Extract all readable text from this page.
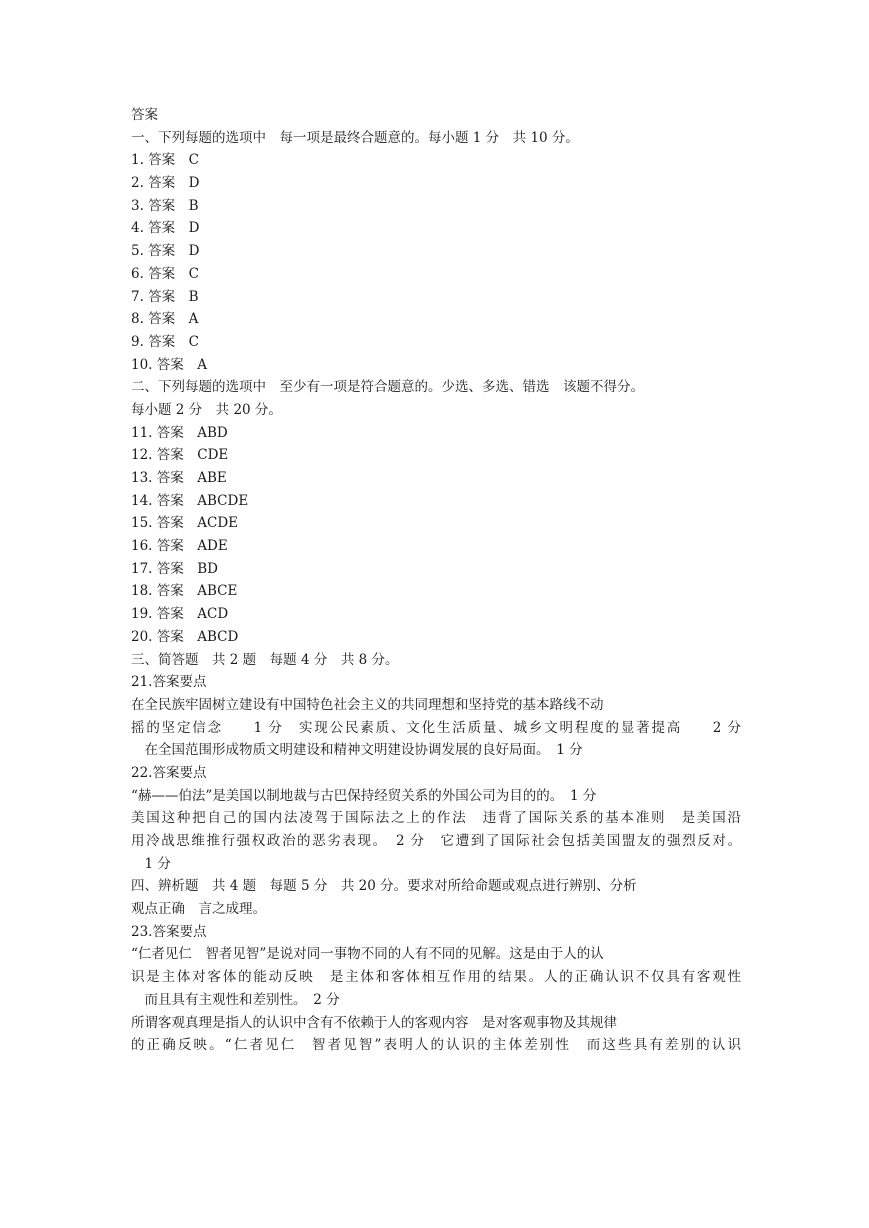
答案
一、下列每题的选项中　每一项是最终合题意的。每小题 1 分　共 10 分。
1. 答案　C
2. 答案　D
3. 答案　B
4. 答案　D
5. 答案　D
6. 答案　C
7. 答案　B
8. 答案　A
9. 答案　C
10. 答案　A
二、下列每题的选项中　至少有一项是符合题意的。少选、多选、错选　该题不得分。
每小题 2 分　共 20 分。
11. 答案　ABD
12. 答案　CDE
13. 答案　ABE
14. 答案　ABCDE
15. 答案　ACDE
16. 答案　ADE
17. 答案　BD
18. 答案　ABCE
19. 答案　ACD
20. 答案　ABCD
三、简答题　共 2 题　每题 4 分　共 8 分。
21.答案要点
在全民族牢固树立建设有中国特色社会主义的共同理想和坚持党的基本路线不动
摇的坚定信念　　1 分　实现公民素质、文化生活质量、城乡文明程度的显著提高　　2 分
　在全国范围形成物质文明建设和精神文明建设协调发展的良好局面。　1 分
22.答案要点
“赫——伯法”是美国以制地裁与古巴保持经贸关系的外国公司为目的的。　1 分
美国这种把自己的国内法凌驾于国际法之上的作法　违背了国际关系的基本准则　是美国沿
用冷战思维推行强权政治的恶劣表现。　2 分　它遭到了国际社会包括美国盟友的强烈反对。
　1 分
四、辨析题　共 4 题　每题 5 分　共 20 分。要求对所给命题或观点进行辨别、分析
观点正确　言之成理。
23.答案要点
“仁者见仁　智者见智”是说对同一事物不同的人有不同的见解。这是由于人的认
识是主体对客体的能动反映　是主体和客体相互作用的结果。人的正确认识不仅具有客观性
　而且具有主观性和差别性。　2 分
所谓客观真理是指人的认识中含有不依赖于人的客观内容　是对客观事物及其规律
的正确反映。“仁者见仁　智者见智”表明人的认识的主体差别性　而这些具有差别的认识
